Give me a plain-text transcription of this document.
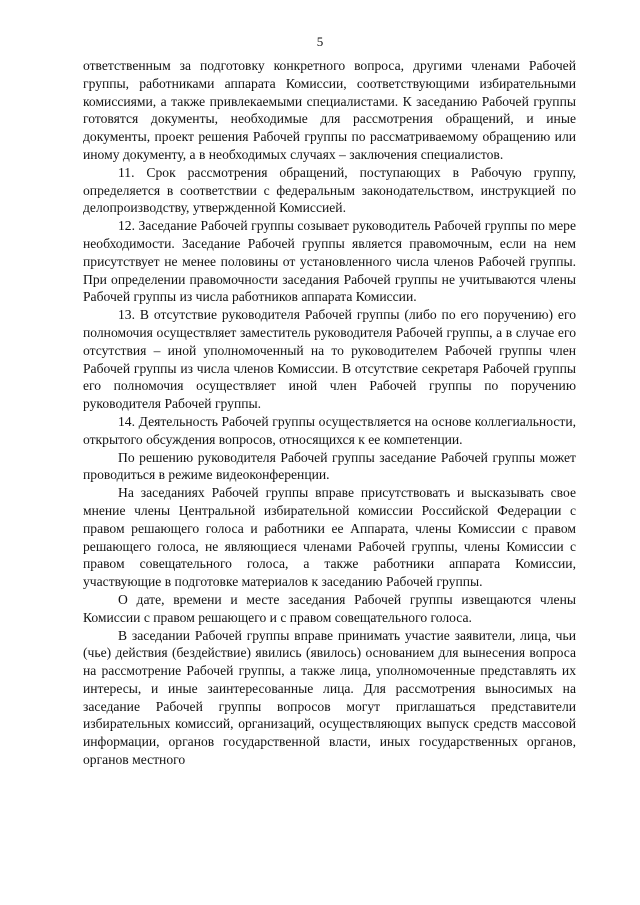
5

ответственным за подготовку конкретного вопроса, другими членами Рабочей группы, работниками аппарата Комиссии, соответствующими избирательными комиссиями, а также привлекаемыми специалистами. К заседанию Рабочей группы готовятся документы, необходимые для рассмотрения обращений, и иные документы, проект решения Рабочей группы по рассматриваемому обращению или иному документу, а в необходимых случаях – заключения специалистов.

11. Срок рассмотрения обращений, поступающих в Рабочую группу, определяется в соответствии с федеральным законодательством, инструкцией по делопроизводству, утвержденной Комиссией.

12. Заседание Рабочей группы созывает руководитель Рабочей группы по мере необходимости. Заседание Рабочей группы является правомочным, если на нем присутствует не менее половины от установленного числа членов Рабочей группы. При определении правомочности заседания Рабочей группы не учитываются члены Рабочей группы из числа работников аппарата Комиссии.

13. В отсутствие руководителя Рабочей группы (либо по его поручению) его полномочия осуществляет заместитель руководителя Рабочей группы, а в случае его отсутствия – иной уполномоченный на то руководителем Рабочей группы член Рабочей группы из числа членов Комиссии. В отсутствие секретаря Рабочей группы его полномочия осуществляет иной член Рабочей группы по поручению руководителя Рабочей группы.

14. Деятельность Рабочей группы осуществляется на основе коллегиальности, открытого обсуждения вопросов, относящихся к ее компетенции.

По решению руководителя Рабочей группы заседание Рабочей группы может проводиться в режиме видеоконференции.

На заседаниях Рабочей группы вправе присутствовать и высказывать свое мнение члены Центральной избирательной комиссии Российской Федерации с правом решающего голоса и работники ее Аппарата, члены Комиссии с правом решающего голоса, не являющиеся членами Рабочей группы, члены Комиссии с правом совещательного голоса, а также работники аппарата Комиссии, участвующие в подготовке материалов к заседанию Рабочей группы.

О дате, времени и месте заседания Рабочей группы извещаются члены Комиссии с правом решающего и с правом совещательного голоса.

В заседании Рабочей группы вправе принимать участие заявители, лица, чьи (чье) действия (бездействие) явились (явилось) основанием для вынесения вопроса на рассмотрение Рабочей группы, а также лица, уполномоченные представлять их интересы, и иные заинтересованные лица. Для рассмотрения выносимых на заседание Рабочей группы вопросов могут приглашаться представители избирательных комиссий, организаций, осуществляющих выпуск средств массовой информации, органов государственной власти, иных государственных органов, органов местного
